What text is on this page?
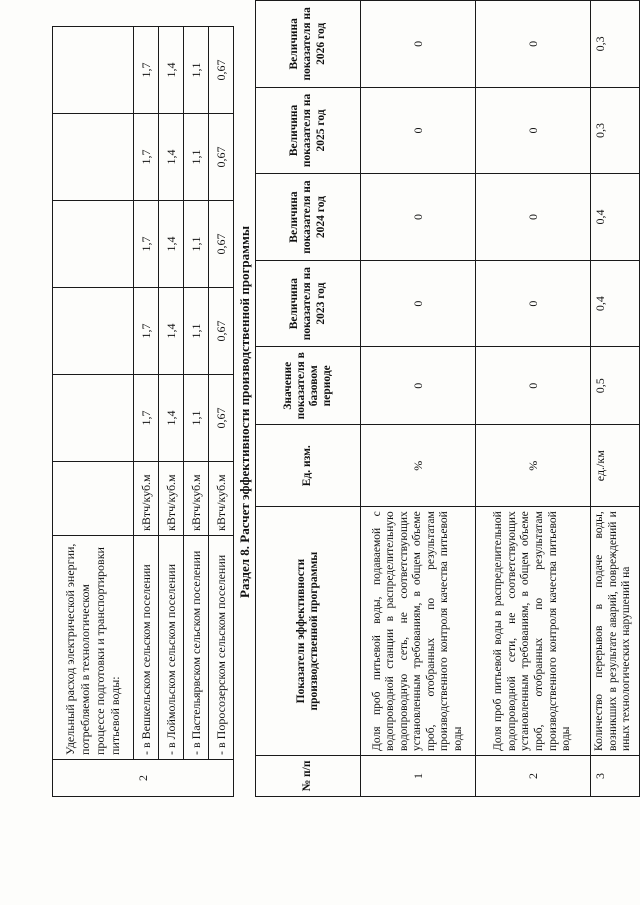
2	Удельный расход электрической энергии, потребляемой в технологическом процессе подготовки и транспортировки питьевой воды:						
	- в Вешкельском сельском поселении	кВтч/куб.м	1,7	1,7	1,7	1,7	1,7
	- в Лоймольском сельском поселении	кВтч/куб.м	1,4	1,4	1,4	1,4	1,4
	- в Пастельярвском сельском поселении	кВтч/куб.м	1,1	1,1	1,1	1,1	1,1
	- в Поросозерском сельском поселении	кВтч/куб.м	0,67	0,67	0,67	0,67	0,67
Раздел 8. Расчет эффективности производственной программы
№ п/п	Показатели эффективности производственной программы	Ед. изм.	Значение показателя в базовом периоде	Величина показателя на 2023 год	Величина показателя на 2024 год	Величина показателя на 2025 год	Величина показателя на 2026 год
1	Доля проб питьевой воды, подаваемой с водопроводной станции в распределительную водопроводную сеть, не соответствующих установленным требованиям, в общем объеме проб, отобранных по результатам производственного контроля качества питьевой воды	%	0	0	0	0	0
2	Доля проб питьевой воды в распределительной водопроводной сети, не соответствующих установленным требованиям, в общем объеме проб, отобранных по результатам производственного контроля качества питьевой воды	%	0	0	0	0	0
3	Количество перерывов в подаче воды, возникших в результате аварий, повреждений и иных технологических нарушений на	ед./км	0,5	0,4	0,4	0,3	0,3
